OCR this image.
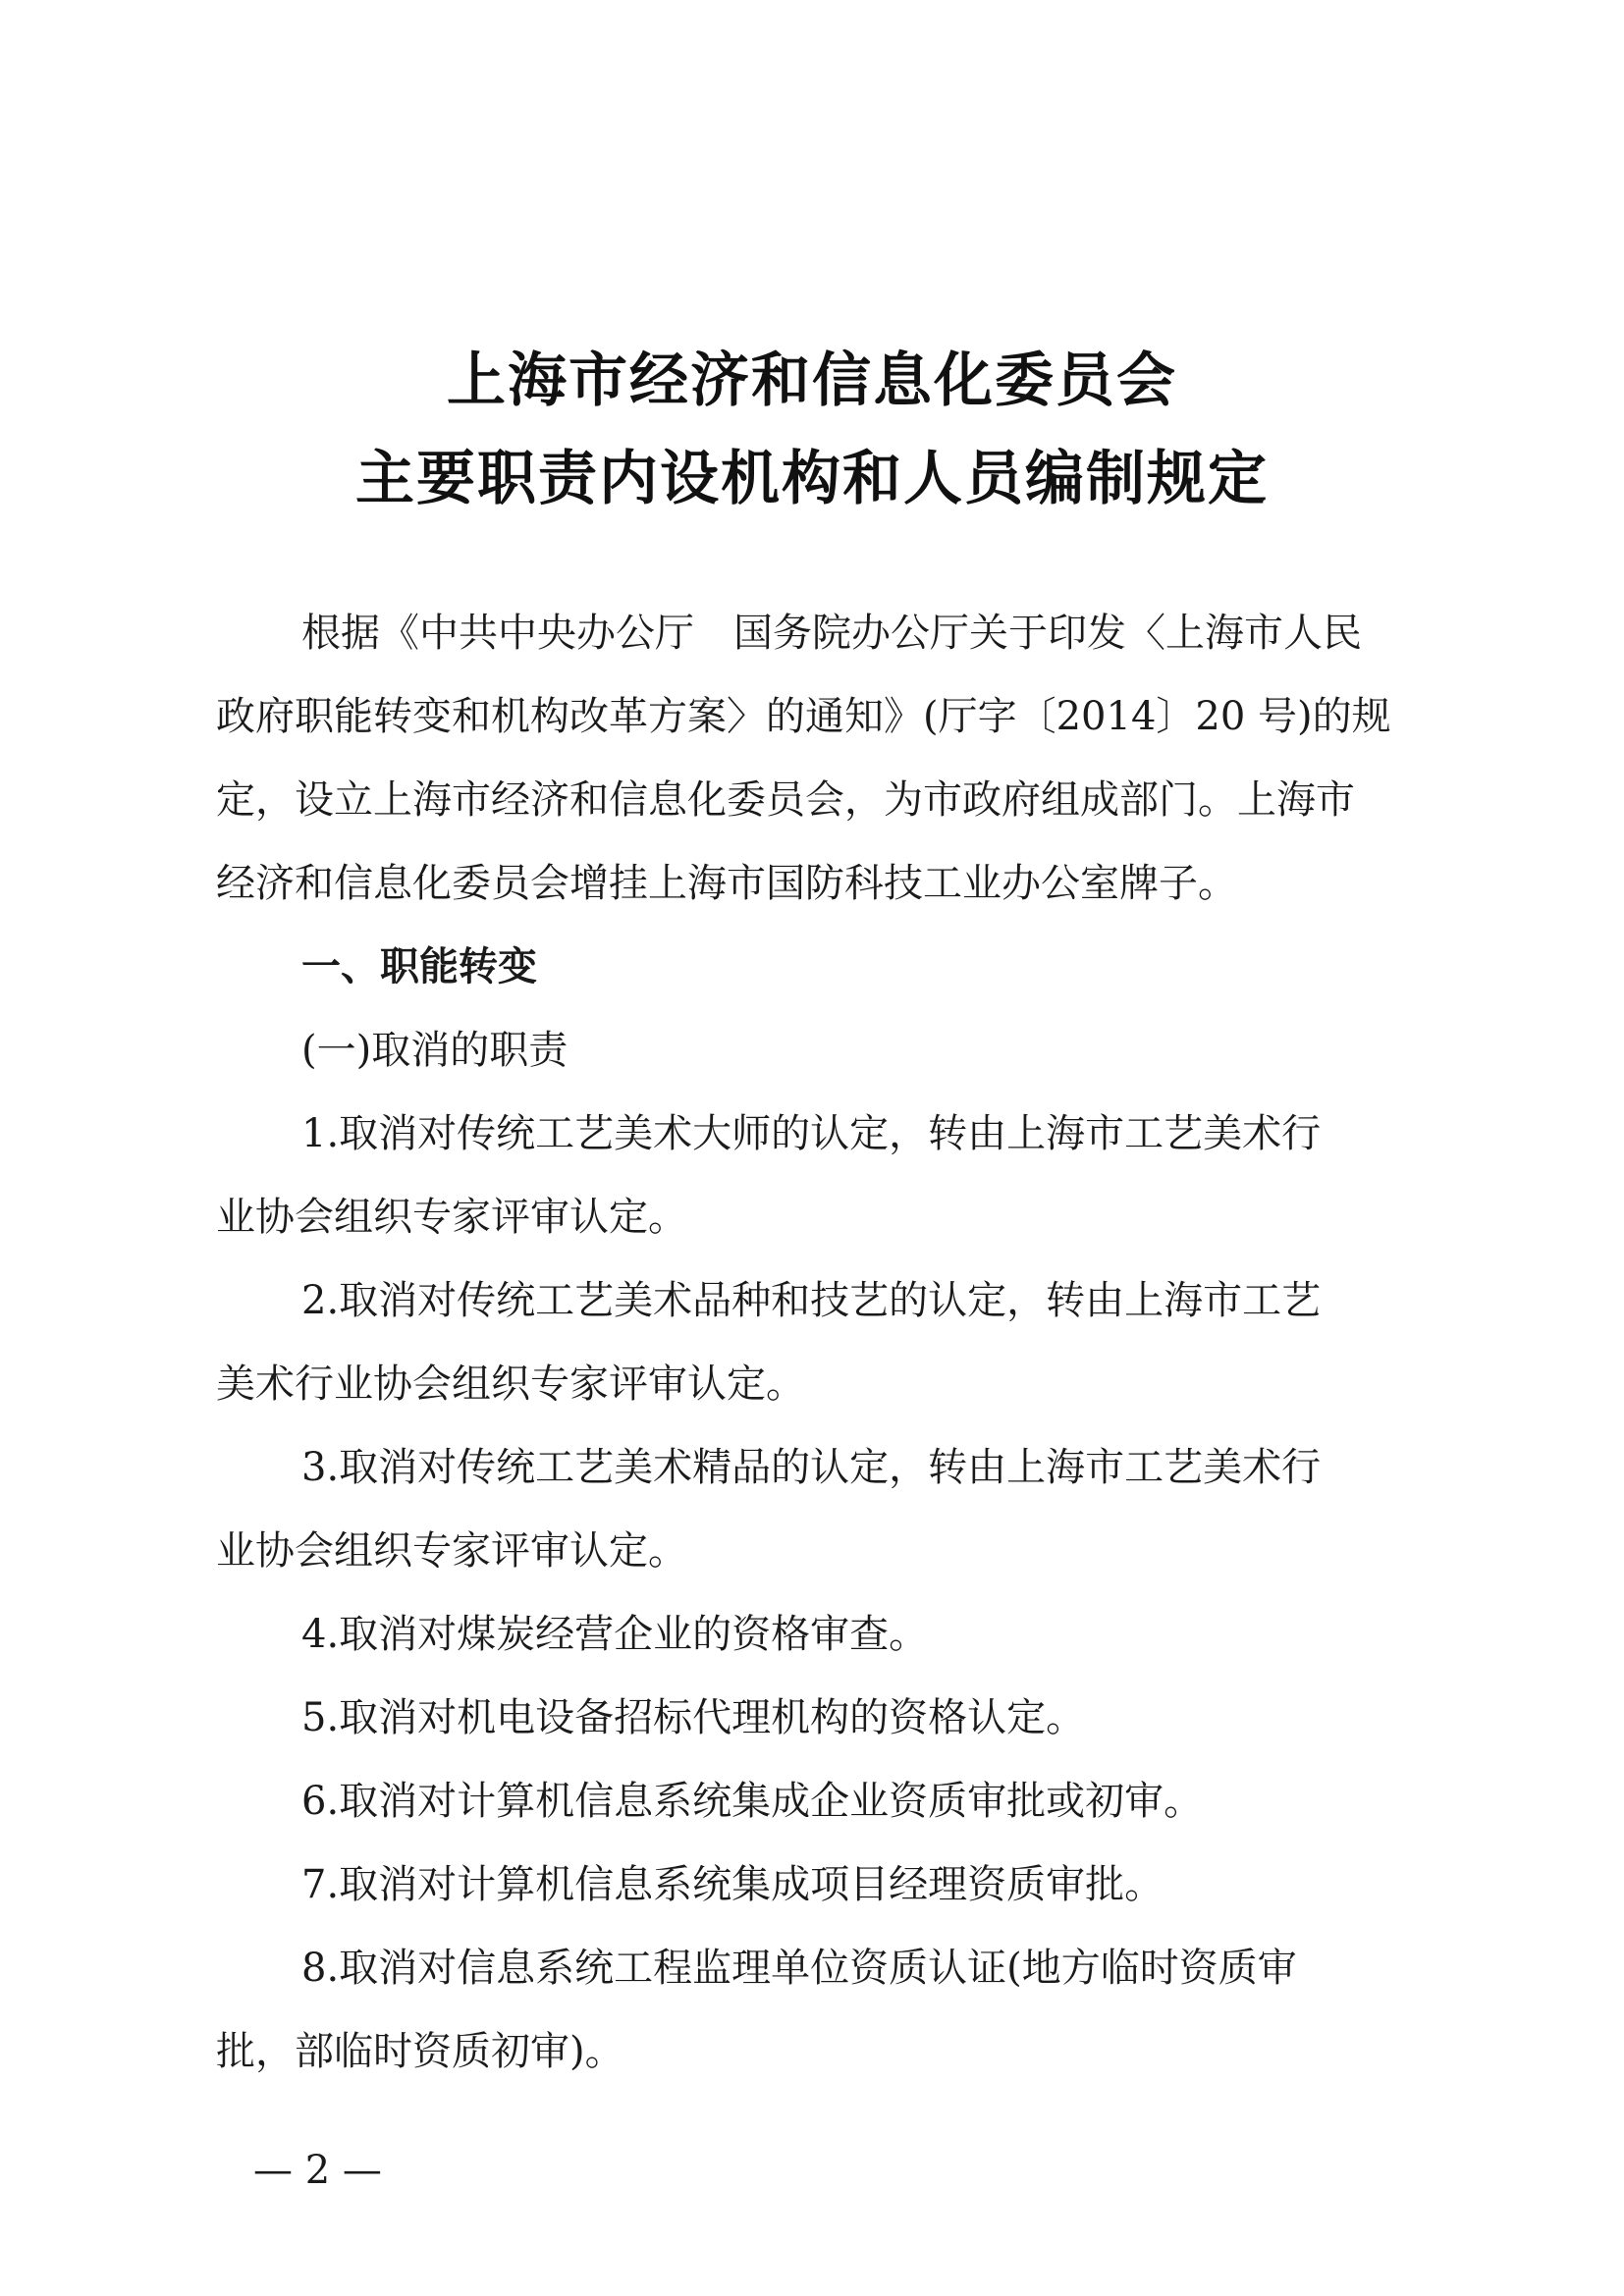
上海市经济和信息化委员会
主要职责内设机构和人员编制规定
根据《中共中央办公厅　国务院办公厅关于印发〈上海市人民
政府职能转变和机构改革方案〉的通知》(厅字〔2014〕20 号)的规
定，设立上海市经济和信息化委员会，为市政府组成部门。上海市
经济和信息化委员会增挂上海市国防科技工业办公室牌子。
一、职能转变
(一)取消的职责
1.取消对传统工艺美术大师的认定，转由上海市工艺美术行
业协会组织专家评审认定。
2.取消对传统工艺美术品种和技艺的认定，转由上海市工艺
美术行业协会组织专家评审认定。
3.取消对传统工艺美术精品的认定，转由上海市工艺美术行
业协会组织专家评审认定。
4.取消对煤炭经营企业的资格审查。
5.取消对机电设备招标代理机构的资格认定。
6.取消对计算机信息系统集成企业资质审批或初审。
7.取消对计算机信息系统集成项目经理资质审批。
8.取消对信息系统工程监理单位资质认证(地方临时资质审
批，部临时资质初审)。
— 2 —
